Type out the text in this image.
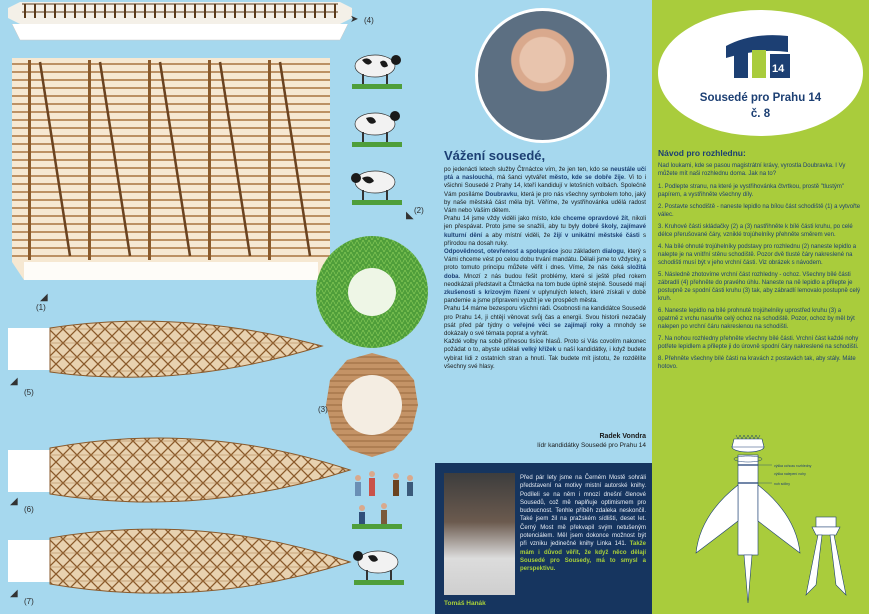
(4)
(2)
(1)
(3)
(5)
(6)
(7)
➤
◣
◢
◢
◢
◢
Vážení sousedé,

po jedenácti letech služby Čtrnáctce vím, že jen ten, kdo se neustále učí ptá a naslouchá, má šanci vytvářet město, kde se dobře žije. Vi to i všichni Sousedé z Prahy 14, kteří kandidují v letošních volbách. Společně Vám posíláme Doubravku, která je pro nás všechny symbolem toho, jaký by naše městská část měla být. Věříme, že vystřihovánka udělá radost Vám nebo Vašim dětem.

Prahu 14 jsme vždy viděli jako místo, kde chceme opravdové žít, nikoli jen přespávat. Proto jsme se snažili, aby tu byly dobré školy, zajímavé kulturní dění a aby místní viděli, že žijí v unikátní městské části s přírodou na dosah ruky.

Odpovědnost, otevřenost a spolupráce jsou základem dialogu, který s Vámi chceme vést po celou dobu trvání mandátu. Dělali jsme to vždycky, a proto tomuto principu můžete věřit i dnes. Víme, že nás čeká složitá doba. Mnozí z nás budou řešit problémy, které si ještě před rokem neodkázali představit a Čtrnáctka na tom bude úplně stejně. Sousedé mají zkušenosti s krizovým řízení v uplynulých letech, které získali v době pandemie a jsme připraveni využít je ve prospěch města.

Prahu 14 máme bezesporu všichni rádi. Osobnosti na kandidátce Sousedé pro Prahu 14, ji chtějí věnovat svůj čas a energii. Svou historii nezačaly psát před pár týdny o veřejné věci se zajímají roky a mnohdy se dokázaly o své témata poprat a vyhrát.

Každé volby na sobě přinesou tisíce hlasů. Proto si Vás covolím nakonec požádat o to, abyste udělali velký křížek u naší kandidátky, i když budete vybírat lidi z ostatních stran a hnutí. Tak budete mít jistotu, že rozdělíte všechny své hlasy.

Radek Vondra
lídr kandidátky Sousedé pro Prahu 14
Tomáš Hanák
Před pár lety jsme na Černém Mostě sohráli představení na motivy mistní autorské knihy. Podíleli se na něm i mnozí dnešní členové Sousedů, což mě naplňuje optimismem pro budoucnost. Tenhle příběh zdaleka neskončil. Také jsem žil na pražském sídlišti, deset let. Černý Most mě překvapil svým netušeným potenciálem. Měl jsem dokonce možnost být při vzniku jedinečné knihy Linka 141. Takže mám i důvod věřit, že když něco dělají Sousedé pro Sousedy, má to smysl a perspektivu.
14
Sousedé pro Prahu 14
č. 8
Návod pro rozhlednu:
Nad loukami, kde se pasou magistrátní krávy, vyrostla Doubravka. I Vy můžete mít naši rozhlednu doma. Jak na to?
1. Podlepte stranu, na které je vystřihovánka čtvrtkou, prostě "tlustým" papírem, a vystřihněte všechny díly.
2. Postavte schodiště - naneste lepidlo na bílou část schodiště (1) a vytvořte válec.
3. Kruhové části skládačky (2) a (3) nastřihněte k bílé části kruhu, po celé délce přerušované čáry, vzniklé trojúhelníky přehněte směrem ven.
4. Na bílé ohnuté trojúhelníky podstavy pro rozhlednu (2) naneste lepidlo a nalepte je na vnitřní stěnu schodiště. Pozor dvě tlusté čáry nakreslené na schodišti musí být v jeho vrchní části. Viz obrázek s návodem.
5. Následně zhotovíme vrchní část rozhledny - ochoz. Všechny bílé části zábradlí (4) přehněte do pravého úhlu. Naneste na ně lepidlo a přilepte je postupně ze spodní části kruhu (3) tak, aby zábradlí lemovalo postupně celý kruh.
6. Naneste lepidlo na bílé prohnuté trojúhelníky uprostřed kruhu (3) a opatrně z vrchu nasuňte celý ochoz na schodiště. Pozor, ochoz by měl být nalepen po vrchní čáru nakreslenou na schodišti.
7. Na nohou rozhledny přehněte všechny bílé části. Vrchní část každé nohy potřete lepidlem a přilepte ji do úrovně spodní čáry nakreslené na schodišti.
8. Přehněte všechny bílé části na kravách z postavách tak, aby stály. Máte hotovo.
výška ochozu rozhledny
výška nalepení nohy
noh sdílny
